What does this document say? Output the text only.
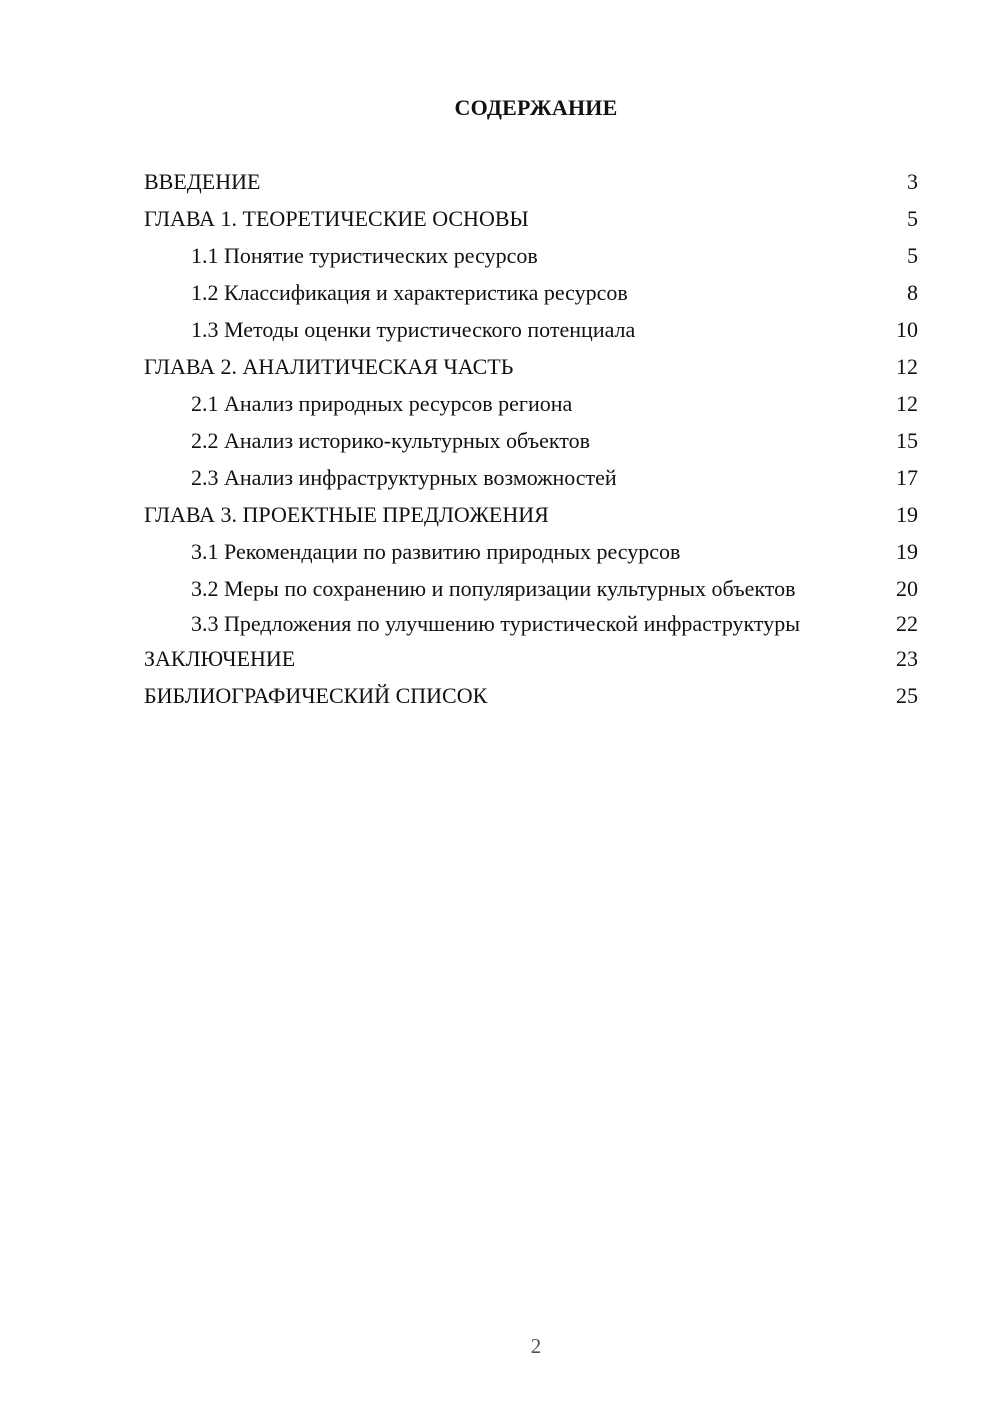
СОДЕРЖАНИЕ
ВВЕДЕНИЕ	3
ГЛАВА 1. ТЕОРЕТИЧЕСКИЕ ОСНОВЫ	5
1.1 Понятие туристических ресурсов	5
1.2 Классификация и характеристика ресурсов	8
1.3 Методы оценки туристического потенциала	10
ГЛАВА 2. АНАЛИТИЧЕСКАЯ ЧАСТЬ	12
2.1 Анализ природных ресурсов региона	12
2.2 Анализ историко-культурных объектов	15
2.3 Анализ инфраструктурных возможностей	17
ГЛАВА 3. ПРОЕКТНЫЕ ПРЕДЛОЖЕНИЯ	19
3.1 Рекомендации по развитию природных ресурсов	19
3.2 Меры по сохранению и популяризации культурных объектов	20
3.3 Предложения по улучшению туристической инфраструктуры	22
ЗАКЛЮЧЕНИЕ	23
БИБЛИОГРАФИЧЕСКИЙ СПИСОК	25
2
